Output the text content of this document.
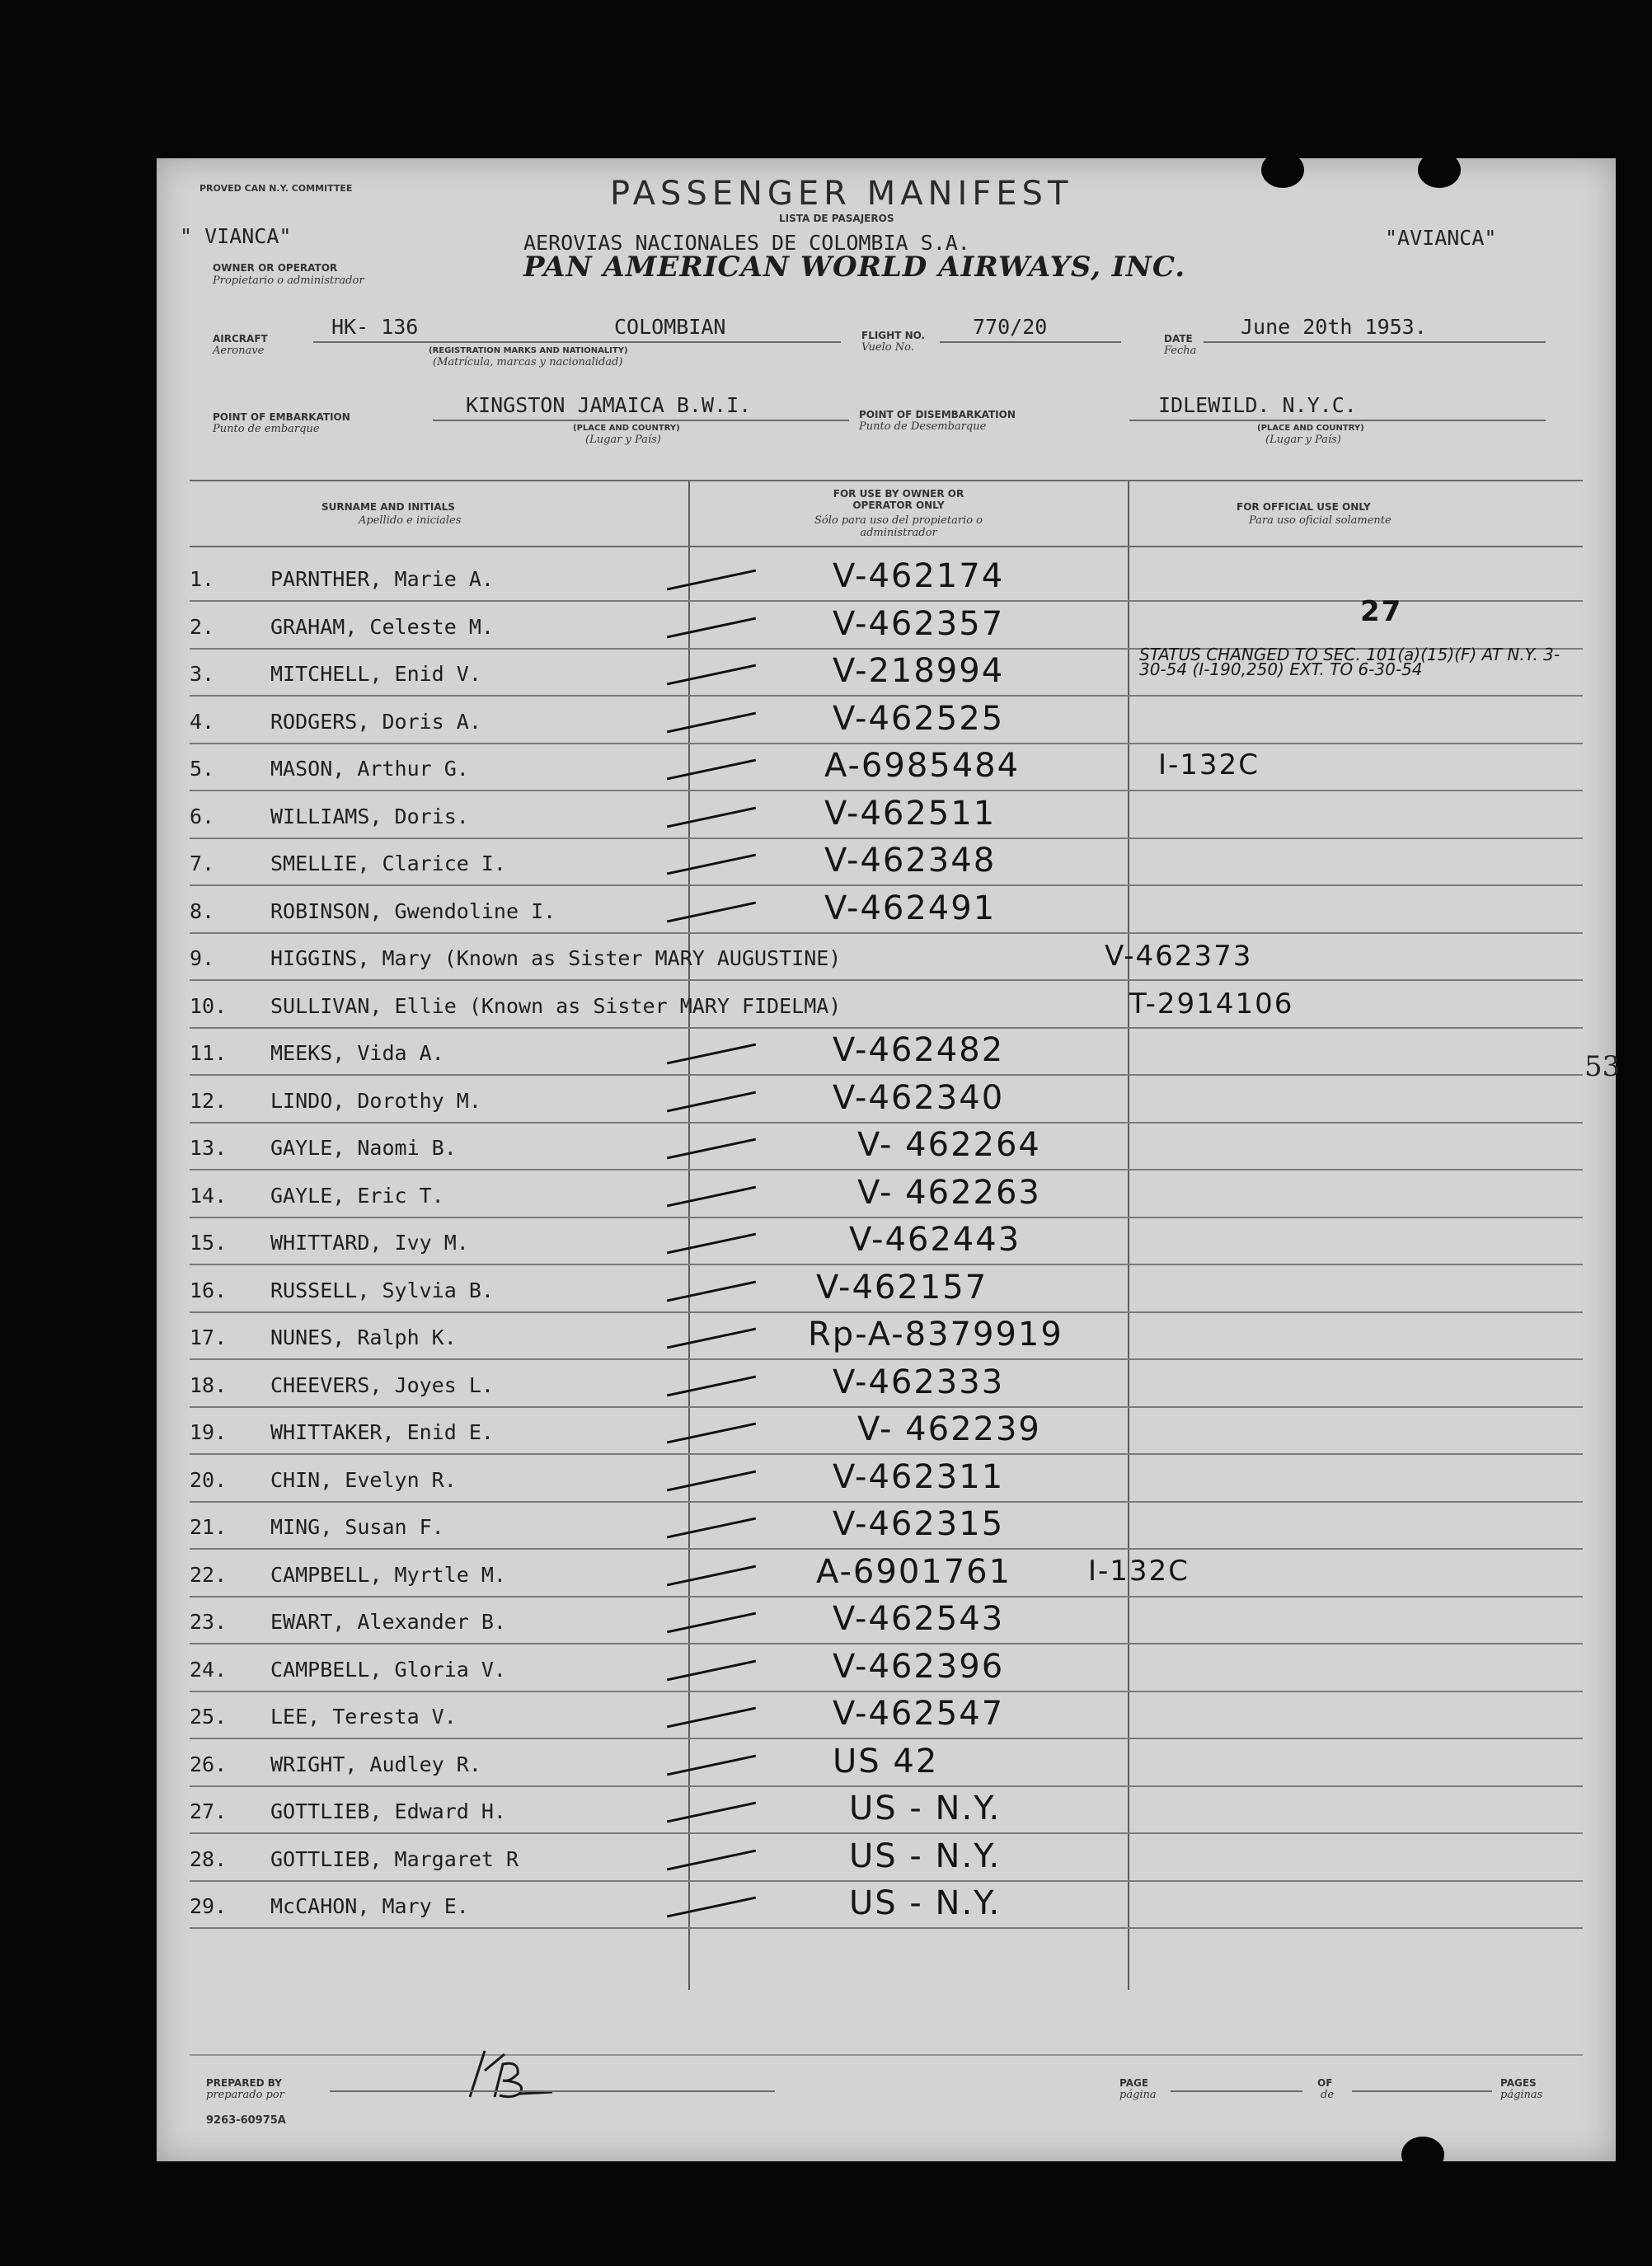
PROVED CAN N.Y. COMMITTEE	PASSENGER MANIFEST
LISTA DE PASAJEROS
" VIANCA"	AEROVIAS NACIONALES DE COLOMBIA S.A.	"AVIANCA"
OWNER OR OPERATOR
Propietario o administrador	PAN AMERICAN WORLD AIRWAYS, INC.
AIRCRAFT
Aeronave
HK- 136	COLOMBIAN
(REGISTRATION MARKS AND NATIONALITY)
(Matrícula, marcas y nacionalidad)
FLIGHT NO.
Vuelo No.
770/20	DATE
Fecha
June 20th 1953.
POINT OF EMBARKATION
Punto de embarque
KINGSTON JAMAICA B.W.I.
(PLACE AND COUNTRY)
(Lugar y País)
POINT OF DISEMBARKATION
Punto de Desembarque
IDLEWILD. N.Y.C.
(PLACE AND COUNTRY)
(Lugar y País)
SURNAME AND INITIALS
Apellido e iniciales
FOR USE BY OWNER OR OPERATOR ONLY
Sólo para uso del propietario o administrador
FOR OFFICIAL USE ONLY
Para uso oficial solamente
1.	PARNTHER, Marie A.	V-462174
2.	GRAHAM, Celeste M.	V-462357	27
3.	MITCHELL, Enid V.	V-218994	STATUS CHANGED TO SEC. 101(a)(15)(F) AT N.Y. 3-30-54 (I-190,250) EXT. TO 6-30-54
4.	RODGERS, Doris A.	V-462525
5.	MASON, Arthur G.	A-6985484	I-132C
6.	WILLIAMS, Doris.	V-462511
7.	SMELLIE, Clarice I.	V-462348
8.	ROBINSON, Gwendoline I.	V-462491
9.	HIGGINS, Mary (Known as Sister MARY AUGUSTINE)	V-462373
10. SULLIVAN, Ellie (Known as Sister MARY FIDELMA)	T-2914106
11. MEEKS, Vida A.	V-462482
12. LINDO, Dorothy M.	V-462340
13. GAYLE, Naomi B.	V- 462264
14. GAYLE, Eric T.	V- 462263
15. WHITTARD, Ivy M.	V-462443
16. RUSSELL, Sylvia B.	V-462157
17. NUNES, Ralph K.	Rp-A-8379919
18. CHEEVERS, Joyes L.	V-462333
19. WHITTAKER, Enid E.	V- 462239
20. CHIN, Evelyn R.	V-462311
21. MING, Susan F.	V-462315
22. CAMPBELL, Myrtle M.	A-6901761	I-132C
23. EWART, Alexander B.	V-462543
24. CAMPBELL, Gloria V.	V-462396
25. LEE, Teresta V.	V-462547
26. WRIGHT, Audley R.	US 42
27. GOTTLIEB, Edward H.	US - N.Y.
28. GOTTLIEB, Margaret R	US - N.Y.
29. McCAHON, Mary E.	US - N.Y.
53
PREPARED BY
preparado por
PAGE
página
OF
de
PAGES
páginas
9263-60975A
